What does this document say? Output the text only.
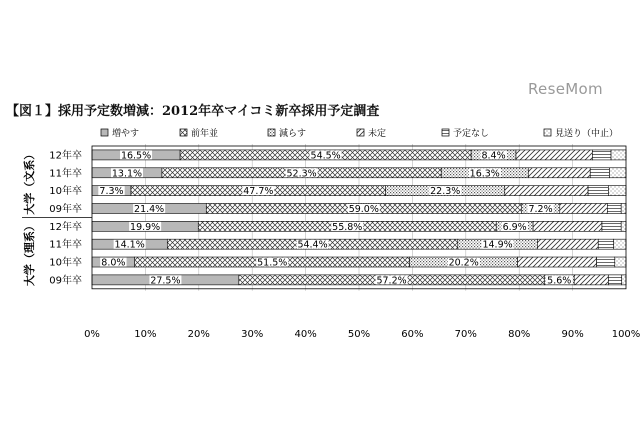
ReseMom
【図１】採用予定数増減：2012年卒マイコミ新卒採用予定調査
増やす	前年並	減らす	未定	予定なし	見送り（中止）
16.5%	54.5%	8.4%
13.1%	52.3%	16.3%
7.3%	47.7%	22.3%
21.4%	59.0%	7.2%
19.9%	55.8%	6.9%
14.1%	54.4%	14.9%
8.0%	51.5%	20.2%
27.5%	57.2%	5.6%
12年卒
11年卒
10年卒
09年卒
12年卒
11年卒
10年卒
09年卒
大学（文系）
大学（理系）
0%	10%	20%	30%	40%	50%	60%	70%	80%	90%	100%
